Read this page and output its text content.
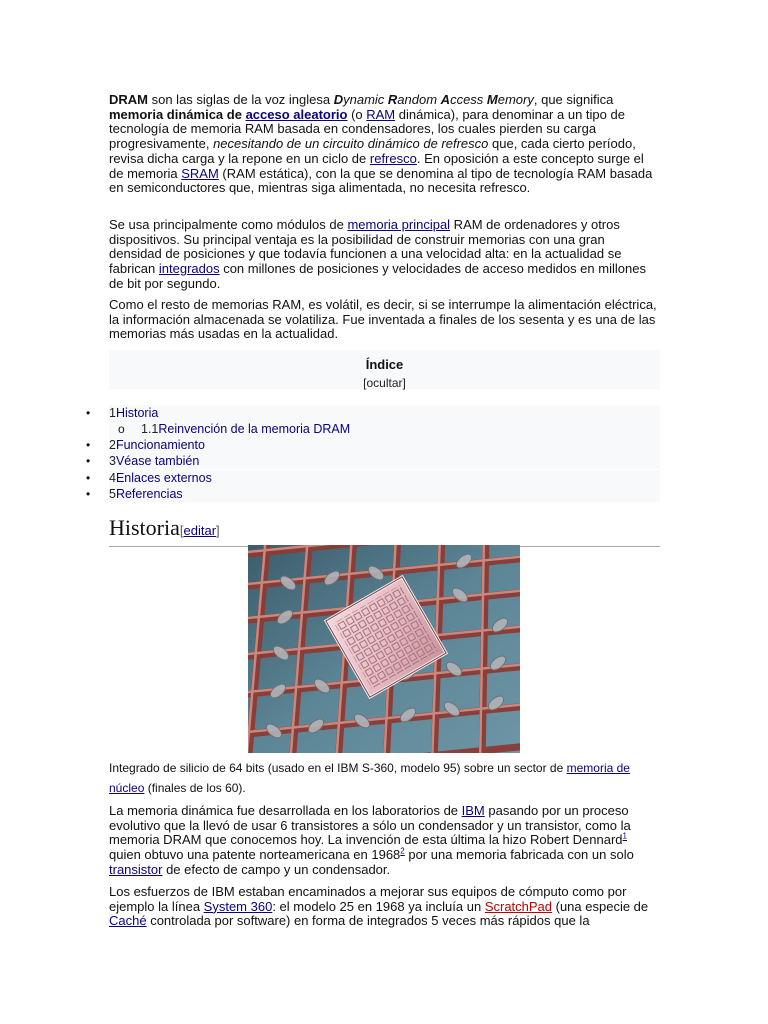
DRAM son las siglas de la voz inglesa Dynamic Random Access Memory, que significa memoria dinámica de acceso aleatorio (o RAM dinámica), para denominar a un tipo de tecnología de memoria RAM basada en condensadores, los cuales pierden su carga progresivamente, necesitando de un circuito dinámico de refresco que, cada cierto período, revisa dicha carga y la repone en un ciclo de refresco. En oposición a este concepto surge el de memoria SRAM (RAM estática), con la que se denomina al tipo de tecnología RAM basada en semiconductores que, mientras siga alimentada, no necesita refresco.

Se usa principalmente como módulos de memoria principal RAM de ordenadores y otros dispositivos. Su principal ventaja es la posibilidad de construir memorias con una gran densidad de posiciones y que todavía funcionen a una velocidad alta: en la actualidad se fabrican integrados con millones de posiciones y velocidades de acceso medidos en millones de bit por segundo.

Como el resto de memorias RAM, es volátil, es decir, si se interrumpe la alimentación eléctrica, la información almacenada se volatiliza. Fue inventada a finales de los sesenta y es una de las memorias más usadas en la actualidad.

Índice
[ocultar]
• 1Historia
o 1.1Reinvención de la memoria DRAM
• 2Funcionamiento
• 3Véase también
• 4Enlaces externos
• 5Referencias
Historia[editar]
Integrado de silicio de 64 bits (usado en el IBM S-360, modelo 95) sobre un sector de memoria de núcleo (finales de los 60).

La memoria dinámica fue desarrollada en los laboratorios de IBM pasando por un proceso evolutivo que la llevó de usar 6 transistores a sólo un condensador y un transistor, como la memoria DRAM que conocemos hoy. La invención de esta última la hizo Robert Dennard$^1$ quien obtuvo una patente norteamericana en 1968$^2$ por una memoria fabricada con un solo transistor de efecto de campo y un condensador.

Los esfuerzos de IBM estaban encaminados a mejorar sus equipos de cómputo como por ejemplo la línea System 360: el modelo 25 en 1968 ya incluía un ScratchPad (una especie de Caché controlada por software) en forma de integrados 5 veces más rápidos que la
